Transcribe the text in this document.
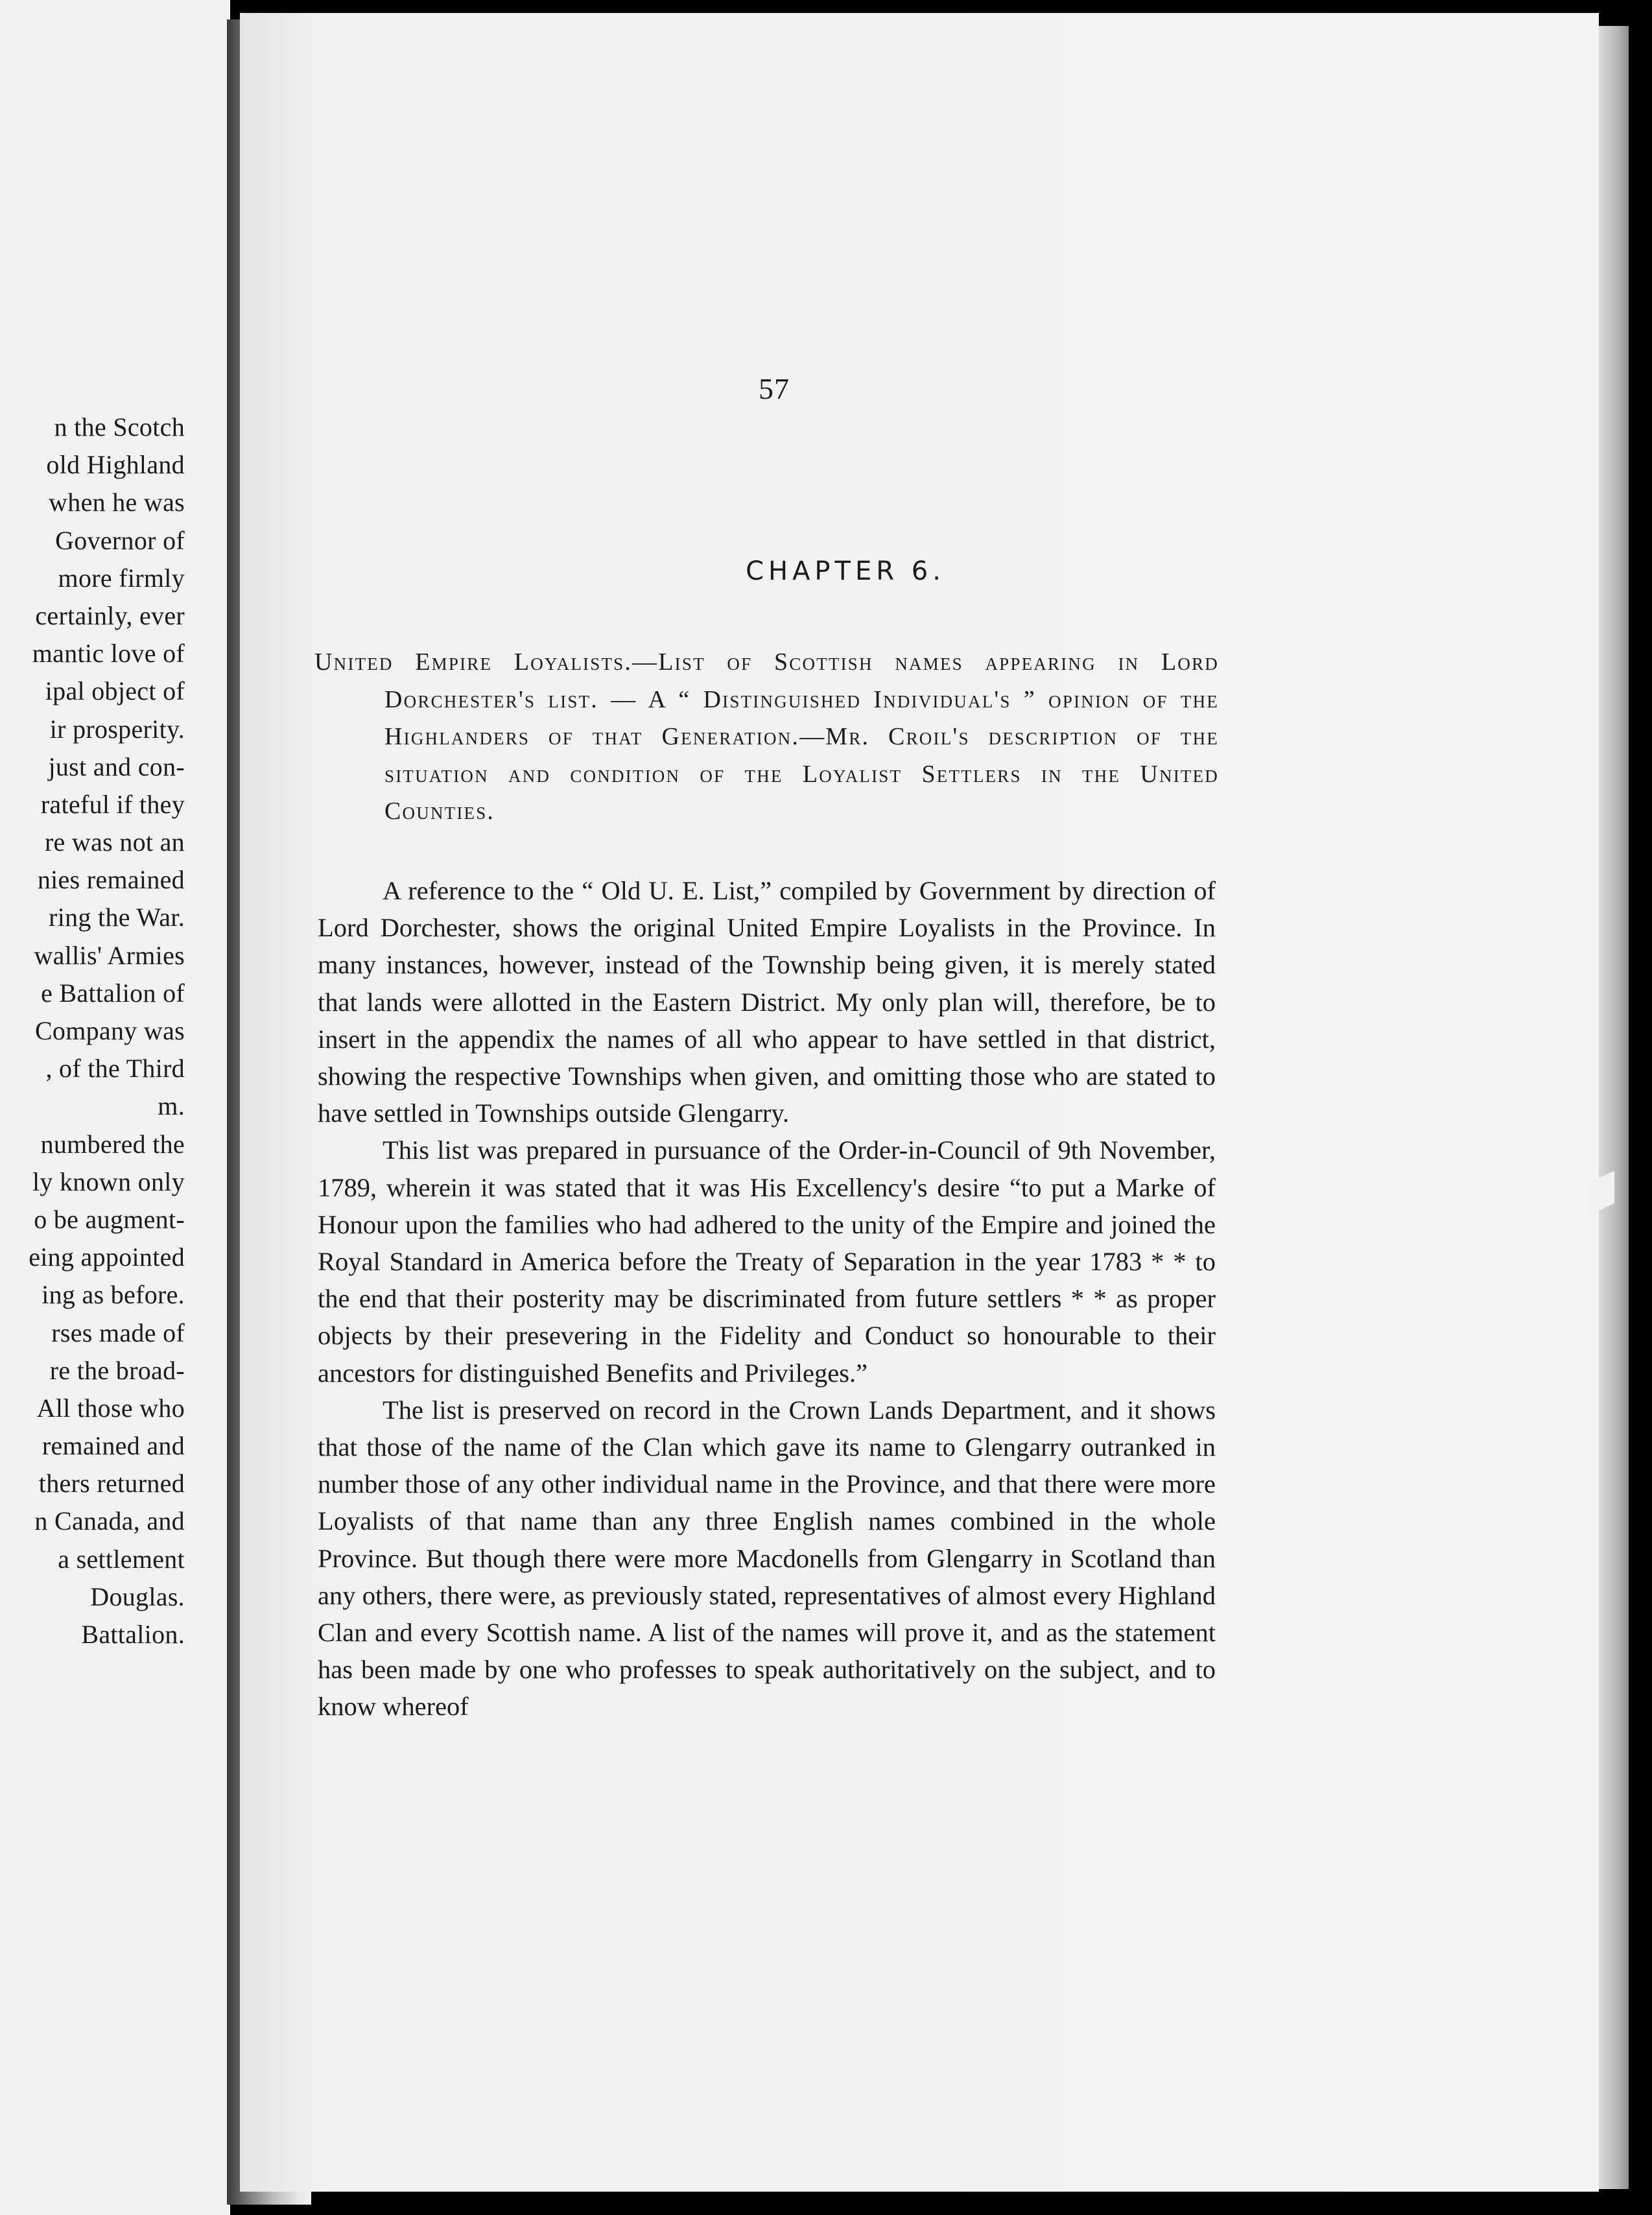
n the Scotch
old Highland
when he was
Governor of
more firmly
certainly, ever
mantic love of
ipal object of
ir prosperity.
just and con-
rateful if they
re was not an
nies remained
ring the War.
wallis' Armies
e Battalion of
Company was
, of the Third
m.
numbered the
ly known only
o be augment-
eing appointed
ing as before.
rses made of
re the broad-
All those who
remained and
thers returned
n Canada, and
a settlement
Douglas.
Battalion.
57
CHAPTER 6.

United Empire Loyalists.—List of Scottish names appearing in Lord Dorchester's list. — A “ Distinguished Individual's ” opinion of the Highlanders of that Generation.—Mr. Croil's description of the situation and condition of the Loyalist Settlers in the United Counties.

A reference to the “ Old U. E. List,” compiled by Government by direction of Lord Dorchester, shows the original United Empire Loyalists in the Province. In many instances, however, instead of the Township being given, it is merely stated that lands were allotted in the Eastern District. My only plan will, therefore, be to insert in the appendix the names of all who appear to have settled in that district, showing the respective Townships when given, and omitting those who are stated to have settled in Townships outside Glengarry.

This list was prepared in pursuance of the Order-in-Council of 9th November, 1789, wherein it was stated that it was His Excellency's desire “to put a Marke of Honour upon the families who had adhered to the unity of the Empire and joined the Royal Standard in America before the Treaty of Separation in the year 1783 * * to the end that their posterity may be discriminated from future settlers * * as proper objects by their presevering in the Fidelity and Conduct so honourable to their ancestors for distinguished Benefits and Privileges.”

The list is preserved on record in the Crown Lands Department, and it shows that those of the name of the Clan which gave its name to Glengarry outranked in number those of any other individual name in the Province, and that there were more Loyalists of that name than any three English names combined in the whole Province. But though there were more Macdonells from Glengarry in Scotland than any others, there were, as previously stated, representatives of almost every Highland Clan and every Scottish name. A list of the names will prove it, and as the statement has been made by one who professes to speak authoritatively on the subject, and to know whereof
